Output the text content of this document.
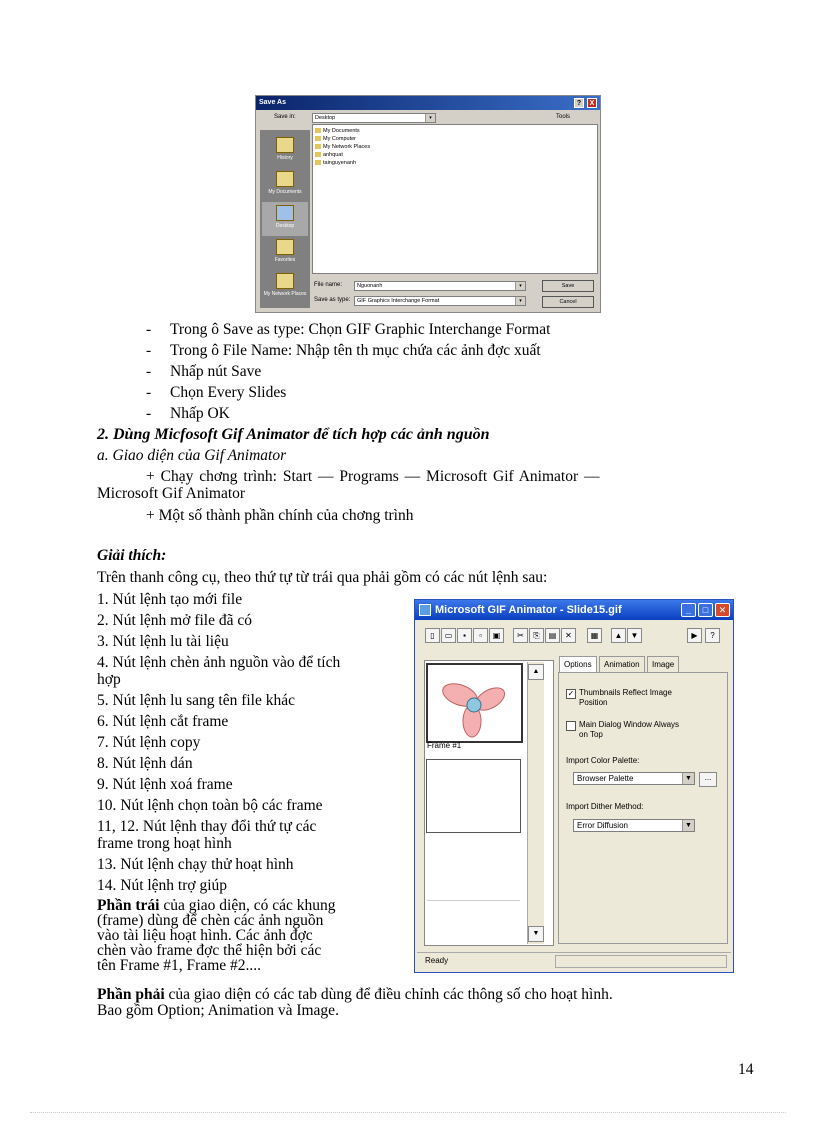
Save As	?	X
Save in:	Desktop	▾	Tools
History
My Documents
Desktop
Favorites
My Network Places
My Documents
My Computer
My Network Places
anhquat
tainguyenanh
File name:	Nguonanh	▾
Save as type:	GIF Graphics Interchange Format	▾
Save
Cancel
- Trong ô Save as type: Chọn GIF Graphic Interchange Format
- Trong ô File Name: Nhập tên th mục chứa các ảnh đợc xuất
- Nhấp nút Save
- Chọn Every Slides
- Nhấp OK
2. Dùng Micfosoft Gif Animator để tích hợp các ảnh nguồn
a. Giao diện của Gif Animator
+ Chạy chơng trình: Start — Programs — Microsoft Gif Animator —
Microsoft Gif Animator
+ Một số thành phần chính của chơng trình
Giải thích:
Trên thanh công cụ, theo thứ tự từ trái qua phải gồm có các nút lệnh sau:
1. Nút lệnh tạo mới file
2. Nút lệnh mở file đã có
3. Nút lệnh lu tài liệu
4. Nút lệnh chèn ảnh nguồn vào để tích
hợp
5. Nút lệnh lu sang tên file khác
6. Nút lệnh cắt frame
7. Nút lệnh copy
8. Nút lệnh dán
9. Nút lệnh xoá frame
10. Nút lệnh chọn toàn bộ các frame
11, 12. Nút lệnh thay đổi thứ tự các
frame trong hoạt hình
13. Nút lệnh chạy thử hoạt hình
14. Nút lệnh trợ giúp
Phần trái của giao diện, có các khung
(frame) dùng để chèn các ảnh nguồn
vào tài liệu hoạt hình. Các ảnh đợc
chèn vào frame đợc thể hiện bởi các
tên Frame #1, Frame #2....
Phần phải của giao diện có các tab dùng để điều chỉnh các thông số cho hoạt hình.
Bao gồm Option; Animation và Image.
14
Microsoft GIF Animator - Slide15.gif	_	□	✕
▯	▭	▪	▫	▣	✂	⎘	▤	✕	▦	▲	▼	▶	?
Frame #1
▲
▼
Options	Animation	Image
✓ Thumbnails Reflect Image Position
Main Dialog Window Always on Top
Import Color Palette:
Browser Palette	▼	...
Import Dither Method:
Error Diffusion	▼
Ready
